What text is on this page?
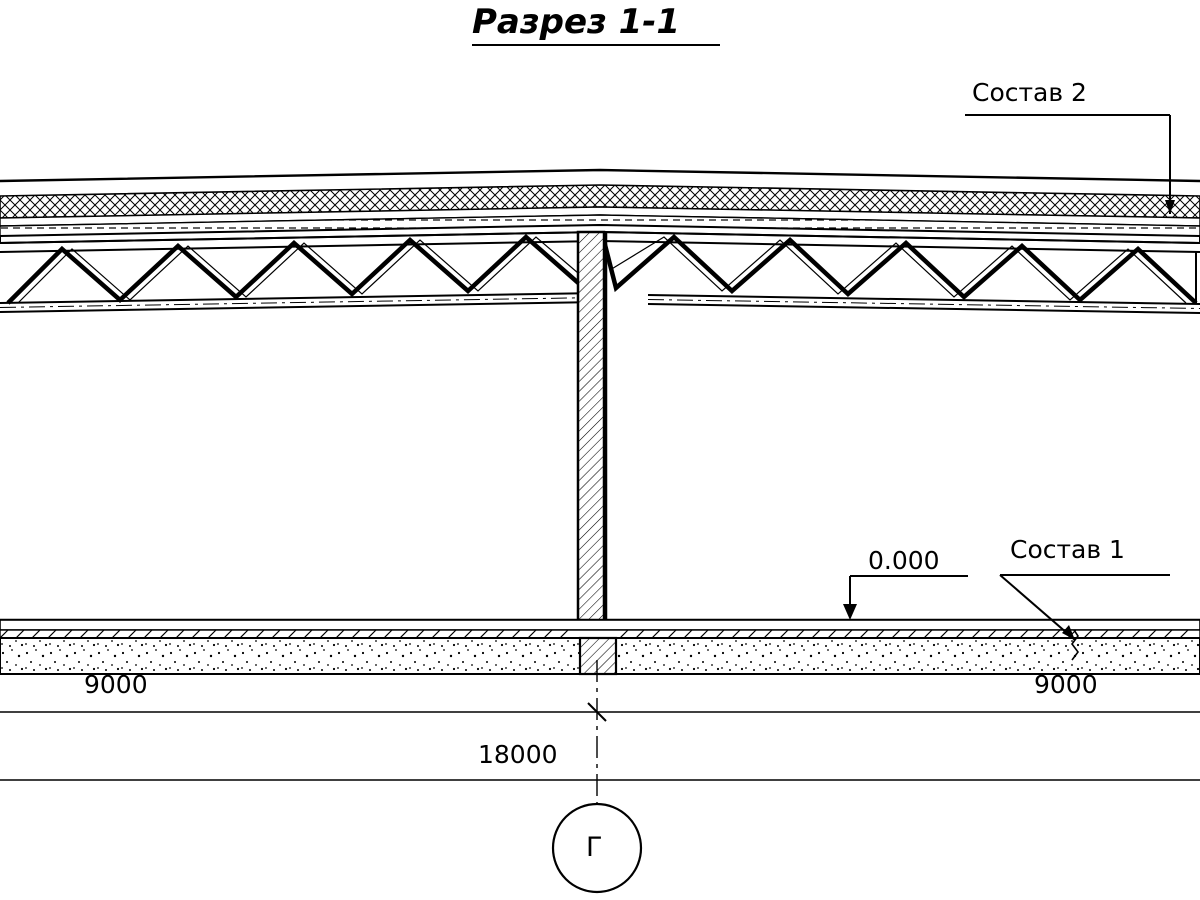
Разрез 1-1
Состав 2
Состав 1
0.000
9000	9000
18000
Г
